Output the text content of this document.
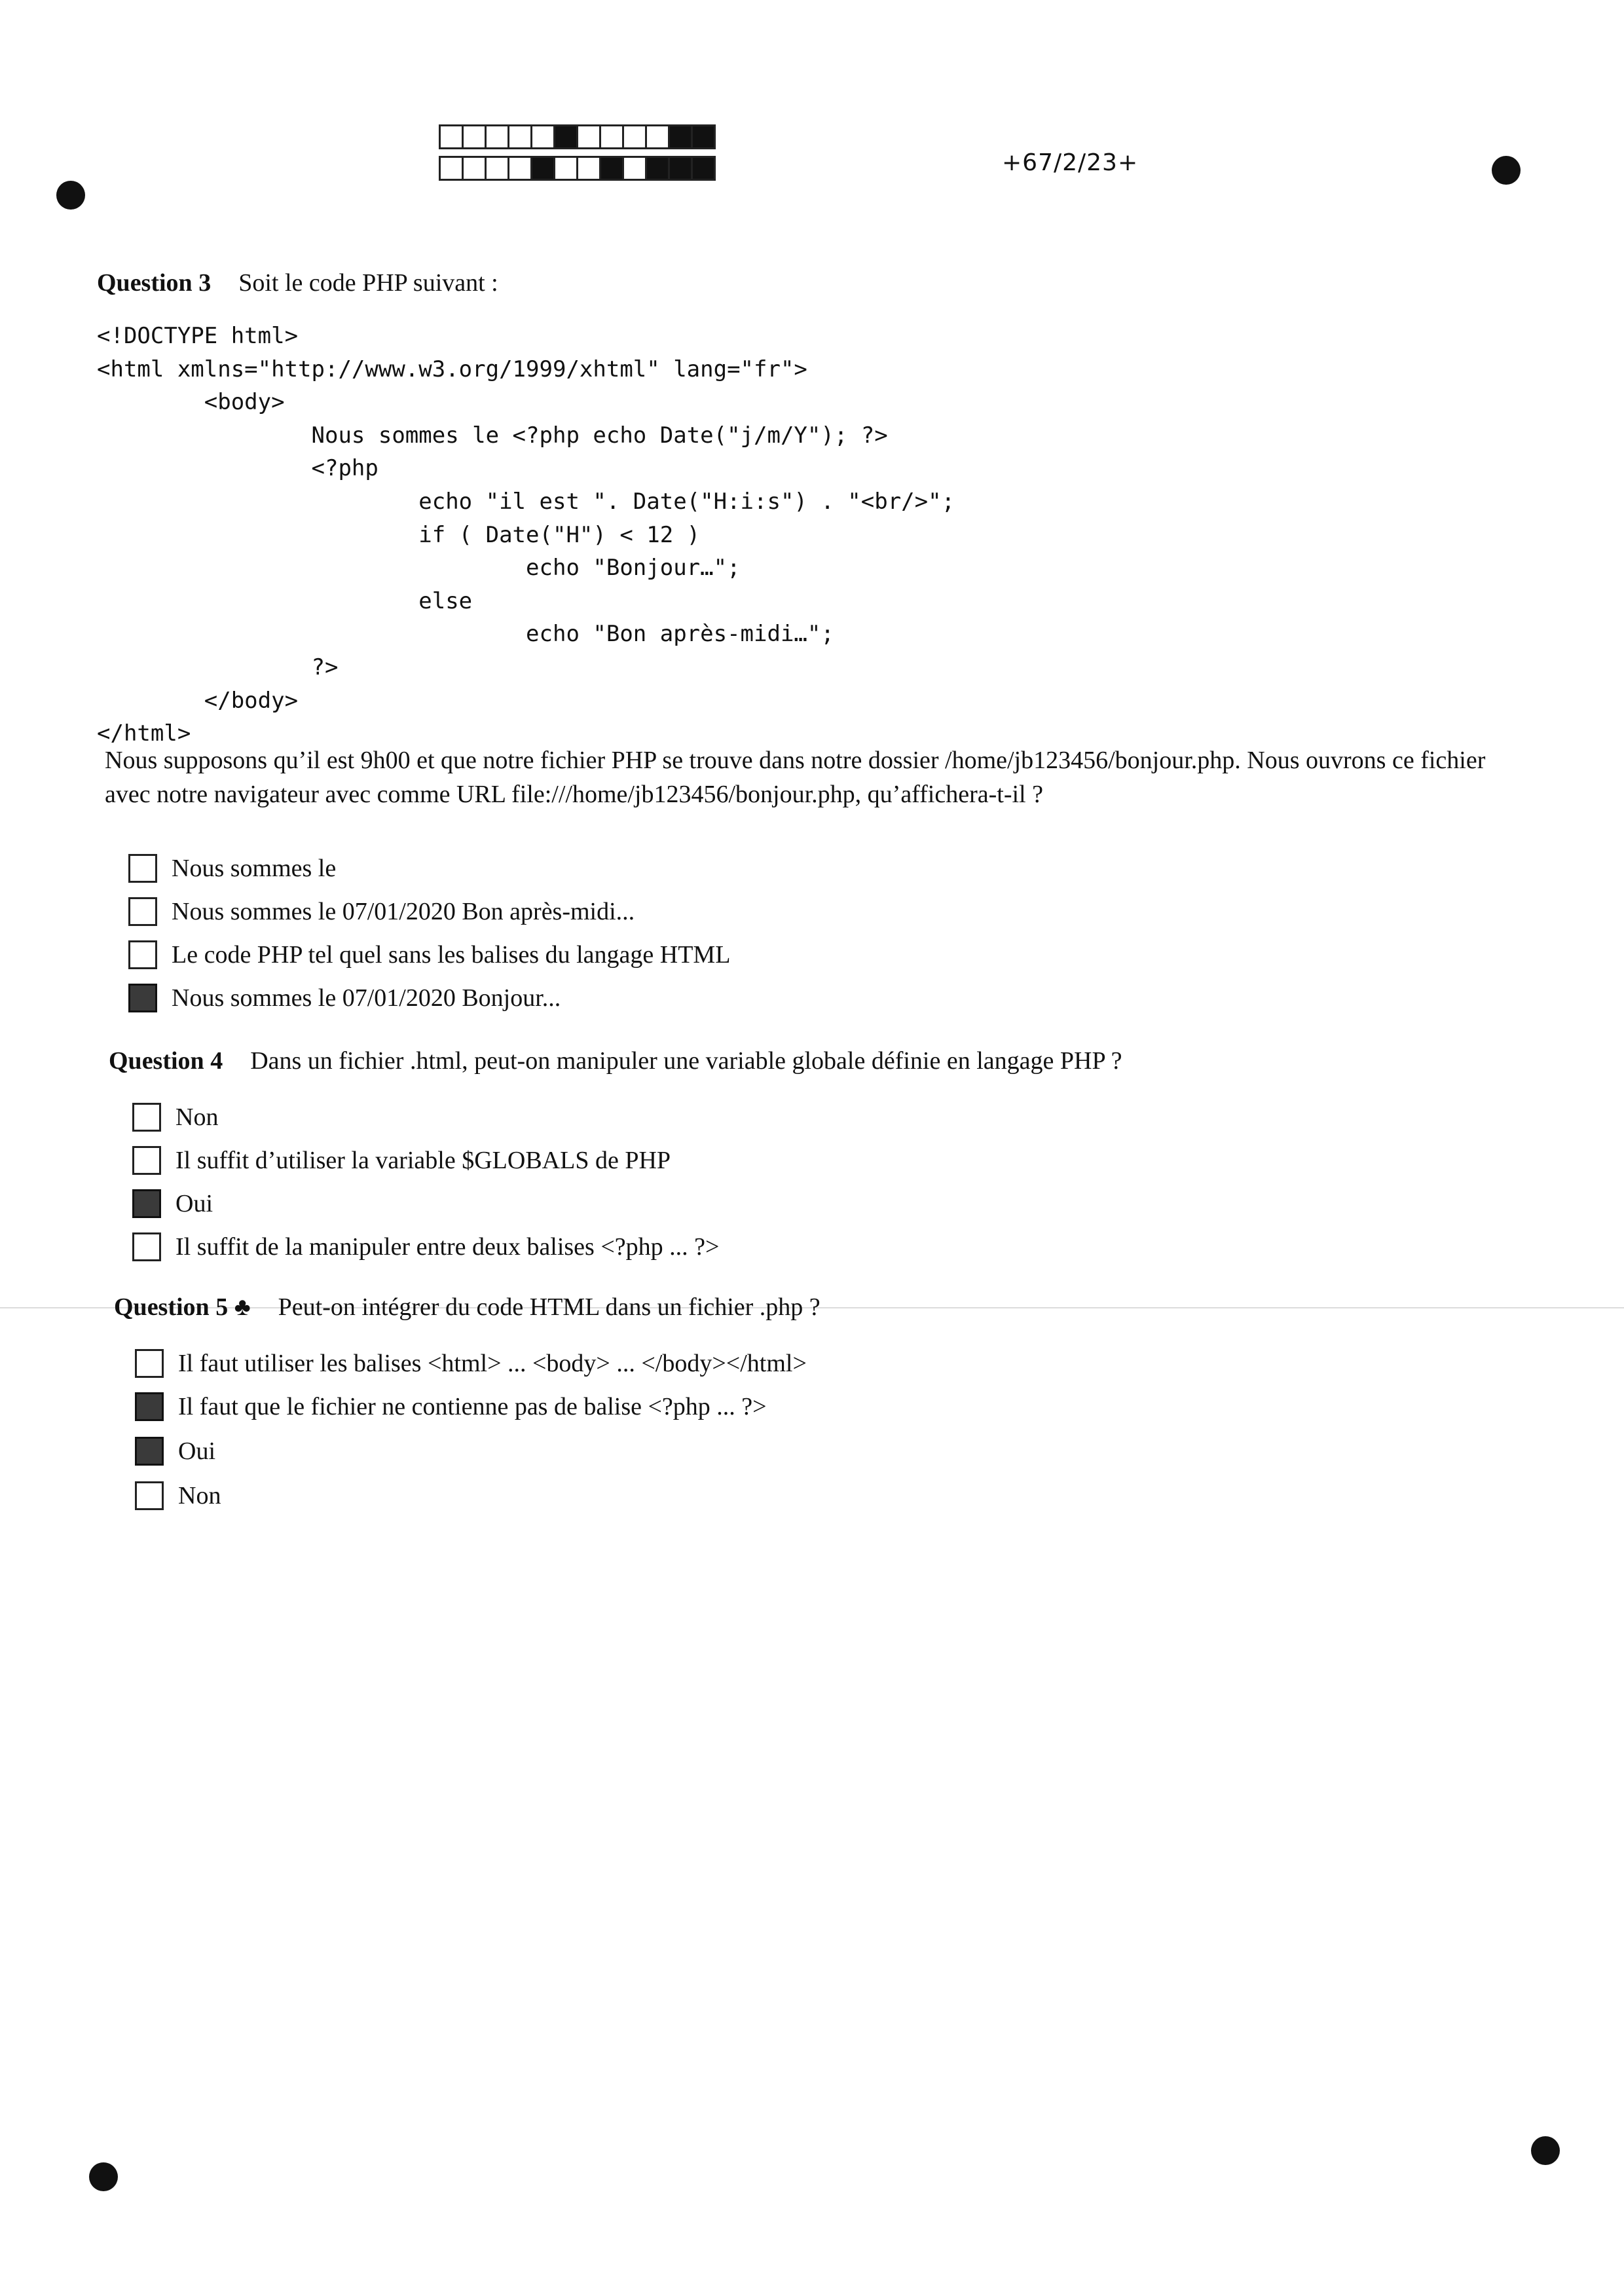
+67/2/23+
Question 3 Soit le code PHP suivant :
<!DOCTYPE html>
<html xmlns="http://www.w3.org/1999/xhtml" lang="fr">
<body>
Nous sommes le <?php echo Date("j/m/Y"); ?>
<?php
echo "il est ". Date("H:i:s") . "<br/>";
if ( Date("H") < 12 )
echo "Bonjour…";
else
echo "Bon après-midi…";
?>
</body>
</html>
Nous supposons qu’il est 9h00 et que notre fichier PHP se trouve dans notre dossier /home/jb123456/bonjour.php. Nous ouvrons ce fichier avec notre navigateur avec comme URL file:///home/jb123456/bonjour.php, qu’affichera-t-il ?
Nous sommes le
Nous sommes le 07/01/2020 Bon après-midi...
Le code PHP tel quel sans les balises du langage HTML
Nous sommes le 07/01/2020 Bonjour...
Question 4 Dans un fichier .html, peut-on manipuler une variable globale définie en langage PHP ?
Non
Il suffit d’utiliser la variable $GLOBALS de PHP
Oui
Il suffit de la manipuler entre deux balises <?php ... ?>
Question 5 ♣ Peut-on intégrer du code HTML dans un fichier .php ?
Il faut utiliser les balises <html> ... <body> ... </body></html>
Il faut que le fichier ne contienne pas de balise <?php ... ?>
Oui
Non
